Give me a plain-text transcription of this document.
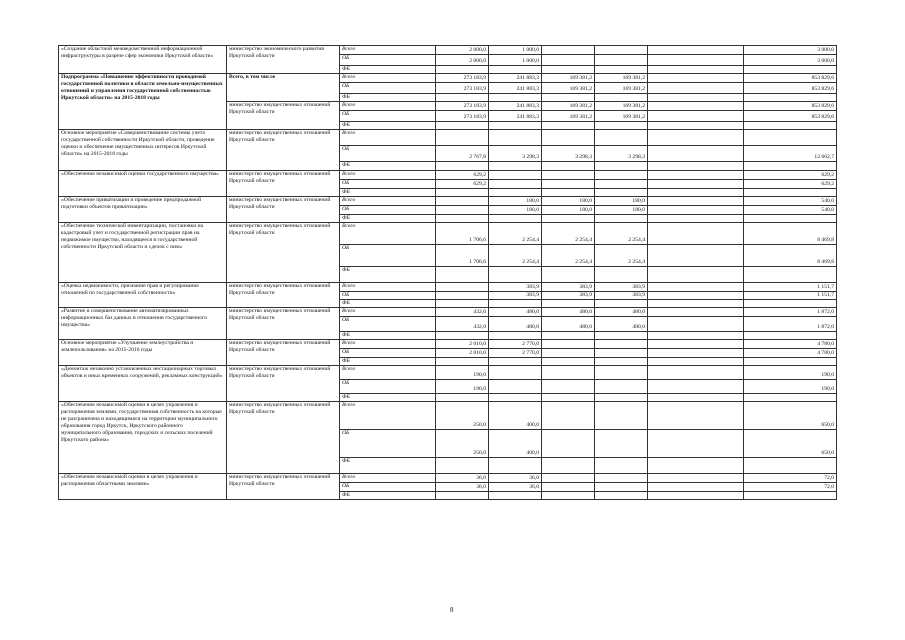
«Создание областной межведомственной информационной инфраструктуры в разрезе сфер экономики Иркутской области»	министерство экономического развития Иркутской области	Всего	2 000,0	1 000,0				3 000,0
		ОБ	2 000,0	1 000,0				3 000,0
		ФБ						
Подпрограмма «Повышение эффективности проводимой государственной политики в области земельно-имущественных отношений и управления государственной собственностью Иркутской области» на 2015-2018 годы	Всего, в том числе	Всего	273 183,9	241 883,3	169 381,2	169 381,2		853 829,6
		ОБ	273 183,9	241 883,3	169 381,2	169 381,2		853 829,6
		ФБ						
	министерство имущественных отношений Иркутской области	Всего	273 183,9	241 883,3	169 381,2	169 381,2		853 829,6
		ОБ	273 183,9	241 883,3	169 381,2	169 381,2		853 829,6
		ФБ						
Основное мероприятие «Совершенствование системы учета государственной собственности Иркутской области, проведение оценки и обеспечение имущественных интересов Иркутской области» на 2015-2018 годы	министерство имущественных отношений Иркутской области	Всего						
		ОБ	2 767,8	3 298,3	3 298,3	3 298,3		12 662,7
		ФБ						
«Обеспечение независимой оценки государственного имущества»	министерство имущественных отношений Иркутской области	Всего	629,2					629,2
		ОБ	629,2					629,2
		ФБ						
«Обеспечение приватизации и проведение предпродажной подготовки объектов приватизации»	министерство имущественных отношений Иркутской области	Всего		180,0	180,0	180,0		540,0
		ОБ		180,0	180,0	180,0		540,0
		ФБ						
«Обеспечение технической инвентаризации, постановки на кадастровый учет и государственной регистрации прав на недвижимое имущество, находящееся в государственной собственности Иркутской области и сделок с ним»	министерство имущественных отношений Иркутской области	Всего	1 706,6	2 254,4	2 254,4	2 254,4		8 469,8
		ОБ	1 706,6	2 254,4	2 254,4	2 254,4		8 469,8
		ФБ						
«Оценка недвижимости, признание прав и регулирование отношений по государственной собственности»	министерство имущественных отношений Иркутской области	Всего		383,9	383,9	383,9		1 151,7
		ОБ		383,9	383,9	383,9		1 151,7
		ФБ						
«Развитие и совершенствование автоматизированных информационных баз данных в отношении государственного имущества»	министерство имущественных отношений Иркутской области	Всего	432,0	480,0	480,0	480,0		1 872,0
		ОБ	432,0	480,0	480,0	480,0		1 872,0
		ФБ						
Основное мероприятие «Улучшение землеустройства и землепользования» на 2015-2016 годы	министерство имущественных отношений Иркутской области	Всего	2 010,0	2 770,0				4 780,0
		ОБ	2 010,0	2 770,0				4 780,0
		ФБ						
«Демонтаж незаконно установленных нестационарных торговых объектов и иных временных сооружений, рекламных конструкций»	министерство имущественных отношений Иркутской области	Всего	190,0					190,0
		ОБ	190,0					190,0
		ФБ						
«Обеспечение независимой оценки в целях управления и распоряжения землями, государственная собственность на которые не разграничена и находящимися на территории муниципального образования город Иркутск, Иркутского районного муниципального образования, городских и сельских поселений Иркутского района»	министерство имущественных отношений Иркутской области	Всего	250,0	400,0				650,0
		ОБ	250,0	400,0				650,0
		ФБ						
«Обеспечение независимой оценки в целях управления и распоряжения областными землями»	министерство имущественных отношений Иркутской области	Всего	36,0	36,0				72,0
		ОБ	36,0	36,0				72,0
		ФБ						
8
